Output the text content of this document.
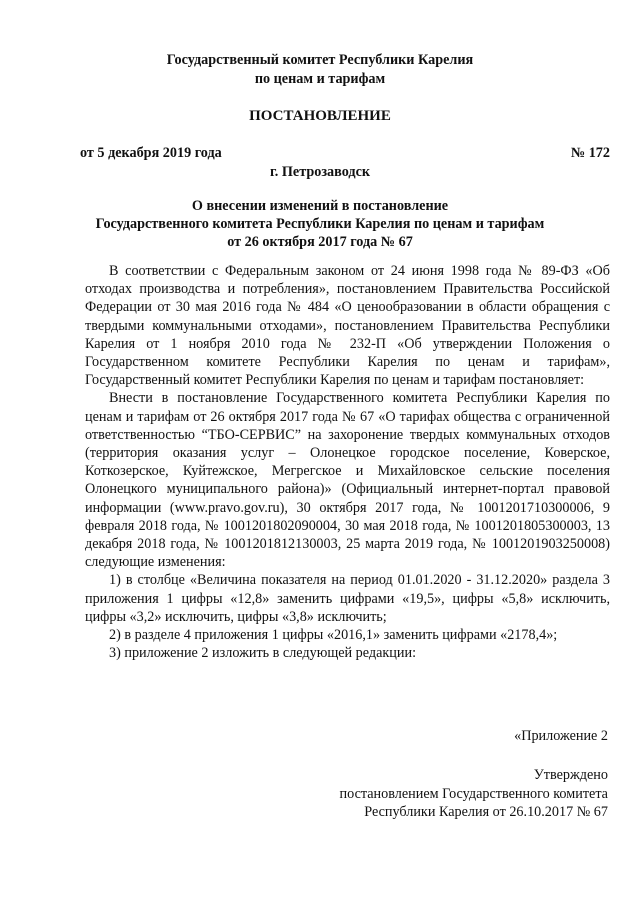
Государственный комитет Республики Карелия
по ценам и тарифам
ПОСТАНОВЛЕНИЕ
от 5 декабря 2019 года	№ 172
г. Петрозаводск
О внесении изменений в постановление
Государственного комитета Республики Карелия по ценам и тарифам
от 26 октября 2017 года № 67

В соответствии с Федеральным законом от 24 июня 1998 года № 89-ФЗ «Об отходах производства и потребления», постановлением Правительства Российской Федерации от 30 мая 2016 года № 484 «О ценообразовании в области обращения с твердыми коммунальными отходами», постановлением Правительства Республики Карелия от 1 ноября 2010 года № 232-П «Об утверждении Положения о Государственном комитете Республики Карелия по ценам и тарифам», Государственный комитет Республики Карелия по ценам и тарифам постановляет:

Внести в постановление Государственного комитета Республики Карелия по ценам и тарифам от 26 октября 2017 года № 67 «О тарифах общества с ограниченной ответственностью “ТБО-СЕРВИС” на захоронение твердых коммунальных отходов (территория оказания услуг – Олонецкое городское поселение, Коверское, Коткозерское, Куйтежское, Мегрегское и Михайловское сельские поселения Олонецкого муниципального района)» (Официальный интернет-портал правовой информации (www.pravo.gov.ru), 30 октября 2017 года, № 1001201710300006, 9 февраля 2018 года, № 1001201802090004, 30 мая 2018 года, № 1001201805300003, 13 декабря 2018 года, № 1001201812130003, 25 марта 2019 года, № 1001201903250008) следующие изменения:

1) в столбце «Величина показателя на период 01.01.2020 - 31.12.2020» раздела 3 приложения 1 цифры «12,8» заменить цифрами «19,5», цифры «5,8» исключить, цифры «3,2» исключить, цифры «3,8» исключить;

2) в разделе 4 приложения 1 цифры «2016,1» заменить цифрами «2178,4»;

3) приложение 2 изложить в следующей редакции:

«Приложение 2
Утверждено
постановлением Государственного комитета
Республики Карелия от 26.10.2017 № 67
